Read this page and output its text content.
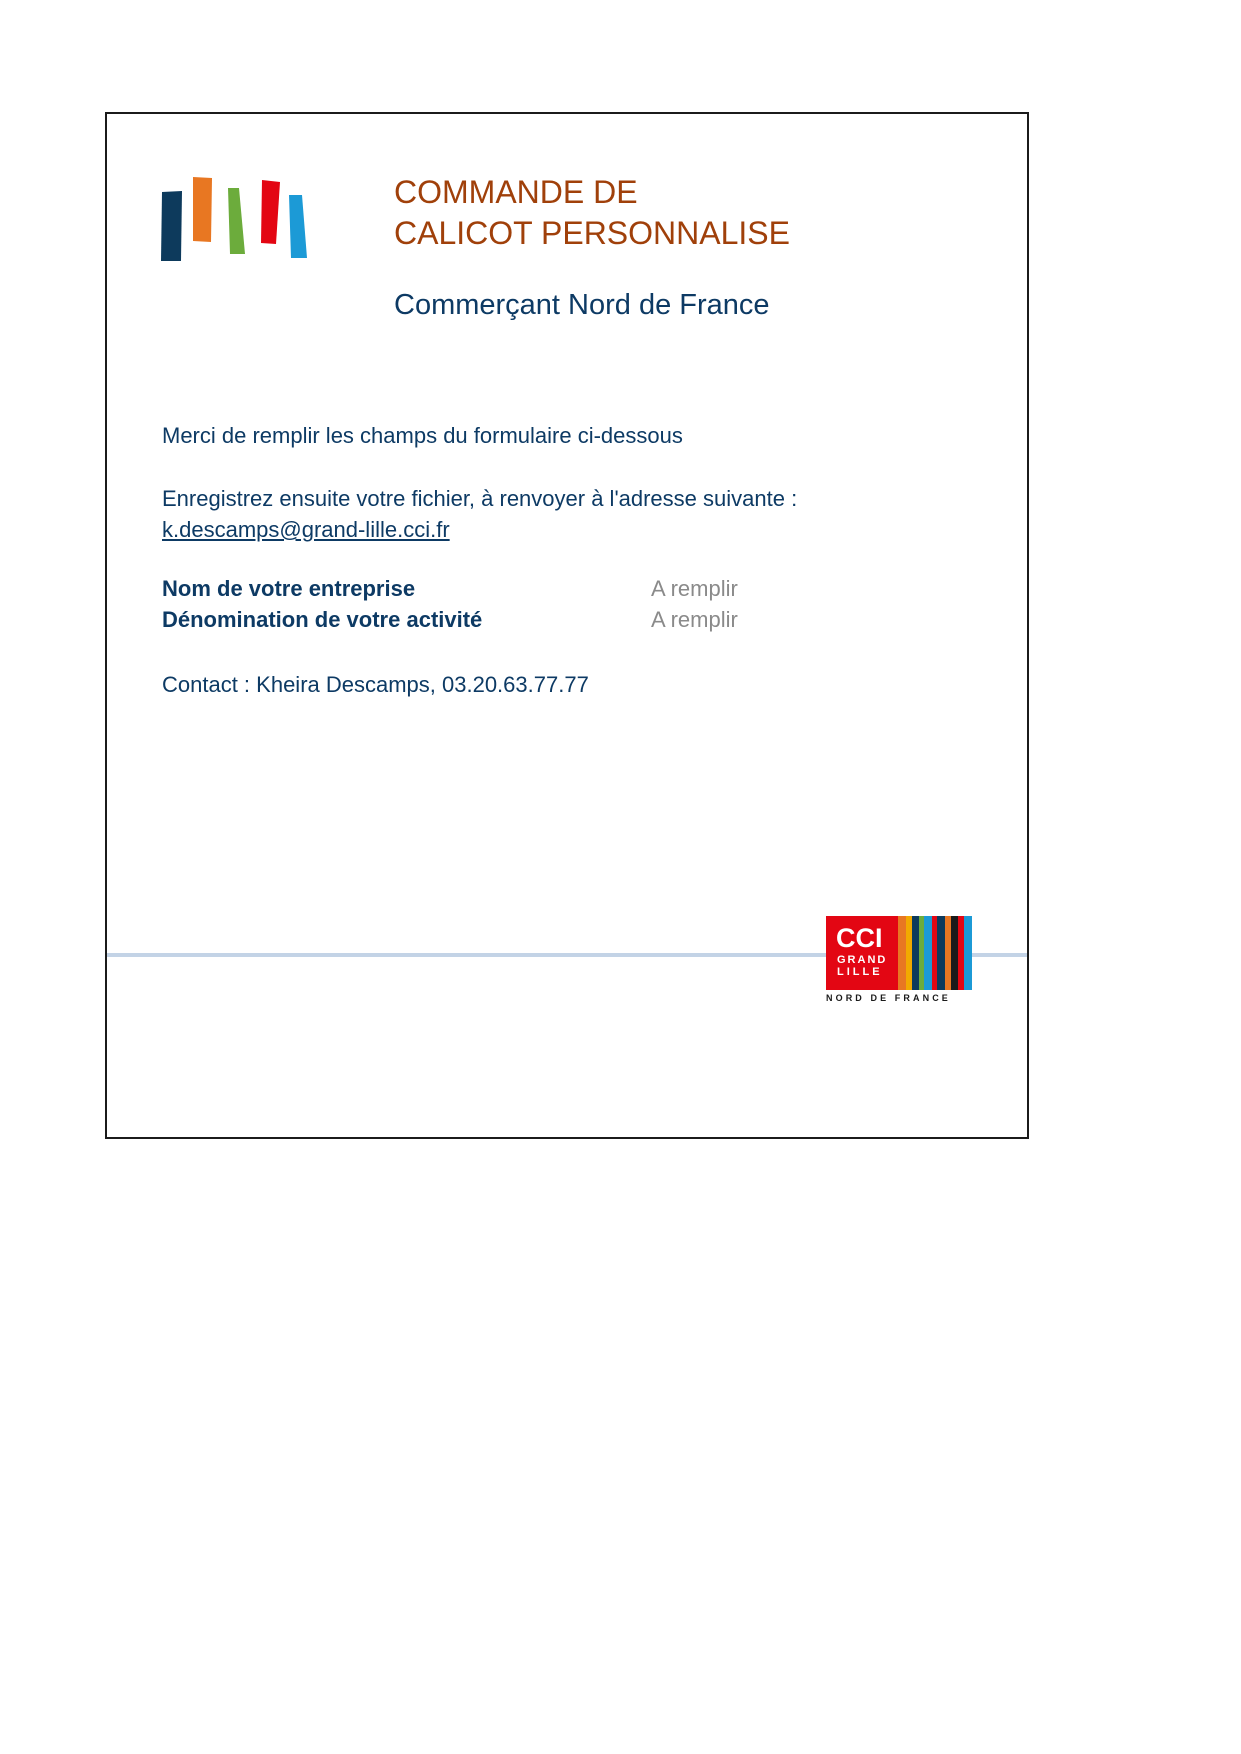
COMMANDE DE
CALICOT PERSONNALISE
Commerçant Nord de France
Merci de remplir les champs du formulaire ci-dessous
Enregistrez ensuite votre fichier, à renvoyer à l'adresse suivante :
k.descamps@grand-lille.cci.fr
Nom de votre entreprise	A remplir
Dénomination de votre activité	A remplir
Contact : Kheira Descamps, 03.20.63.77.77
CCI
GRAND
LILLE
NORD DE FRANCE
